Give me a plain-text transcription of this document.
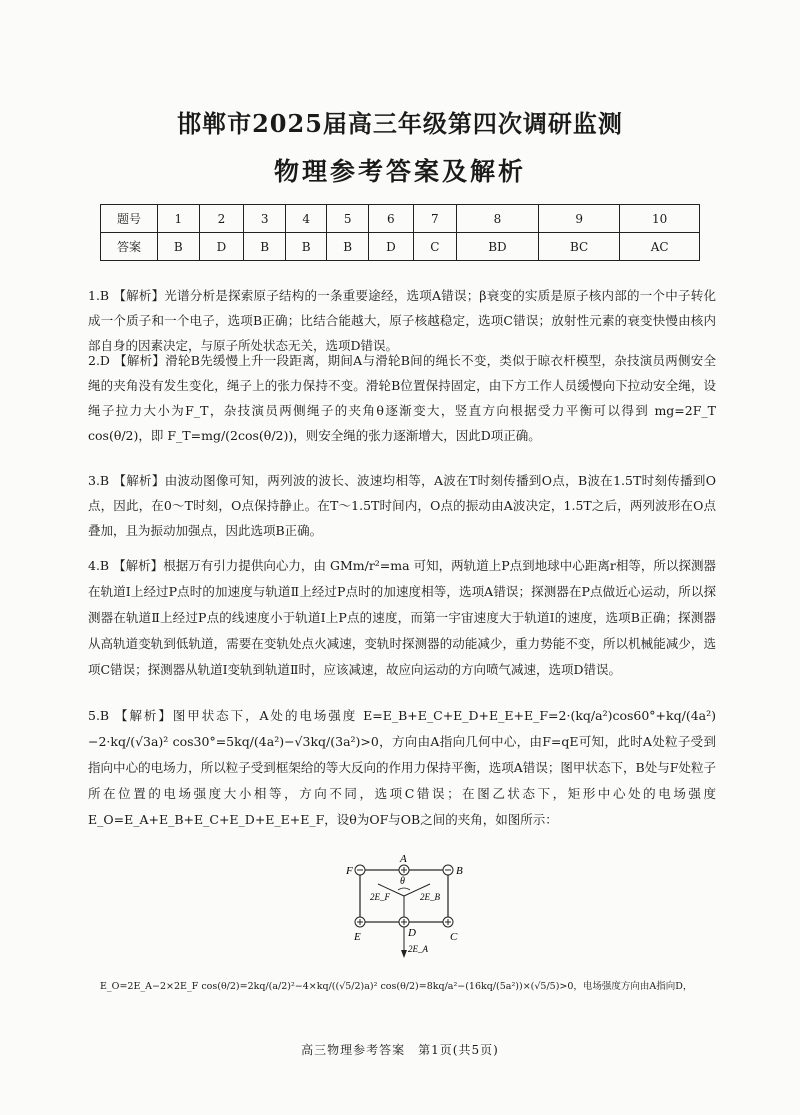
邯郸市2025届高三年级第四次调研监测
物理参考答案及解析
题号	1	2	3	4	5	6	7	8	9	10
答案	B	D	B	B	B	D	C	BD	BC	AC
1.B 【解析】光谱分析是探索原子结构的一条重要途经，选项A错误；β衰变的实质是原子核内部的一个中子转化成一个质子和一个电子，选项B正确；比结合能越大，原子核越稳定，选项C错误；放射性元素的衰变快慢由核内部自身的因素决定，与原子所处状态无关，选项D错误。
2.D 【解析】滑轮B先缓慢上升一段距离，期间A与滑轮B间的绳长不变，类似于晾衣杆模型，杂技演员两侧安全绳的夹角没有发生变化，绳子上的张力保持不变。滑轮B位置保持固定，由下方工作人员缓慢向下拉动安全绳，设绳子拉力大小为F_T，杂技演员两侧绳子的夹角θ逐渐变大，竖直方向根据受力平衡可以得到 mg=2F_T cos(θ/2)，即 F_T=mg/(2cos(θ/2))，则安全绳的张力逐渐增大，因此D项正确。
3.B 【解析】由波动图像可知，两列波的波长、波速均相等，A波在T时刻传播到O点，B波在1.5T时刻传播到O点，因此，在0～T时刻，O点保持静止。在T～1.5T时间内，O点的振动由A波决定，1.5T之后，两列波形在O点叠加，且为振动加强点，因此选项B正确。
4.B 【解析】根据万有引力提供向心力，由 GMm/r²=ma 可知，两轨道上P点到地球中心距离r相等，所以探测器在轨道Ⅰ上经过P点时的加速度与轨道Ⅱ上经过P点时的加速度相等，选项A错误；探测器在P点做近心运动，所以探测器在轨道Ⅱ上经过P点的线速度小于轨道Ⅰ上P点的速度，而第一宇宙速度大于轨道Ⅰ的速度，选项B正确；探测器从高轨道变轨到低轨道，需要在变轨处点火减速，变轨时探测器的动能减少，重力势能不变，所以机械能减少，选项C错误；探测器从轨道Ⅰ变轨到轨道Ⅱ时，应该减速，故应向运动的方向喷气减速，选项D错误。
5.B 【解析】图甲状态下，A处的电场强度 E=E_B+E_C+E_D+E_E+E_F=2·(kq/a²)cos60°+kq/(4a²)−2·kq/(√3a)² cos30°=5kq/(4a²)−√3kq/(3a²)>0，方向由A指向几何中心，由F=qE可知，此时A处粒子受到指向中心的电场力，所以粒子受到框架给的等大反向的作用力保持平衡，选项A错误；图甲状态下，B处与F处粒子所在位置的电场强度大小相等，方向不同，选项C错误；在图乙状态下，矩形中心处的电场强度 E_O=E_A+E_B+E_C+E_D+E_E+E_F，设θ为OF与OB之间的夹角，如图所示：
A
F	B
E	D	C
2E_F	2E_B
2E_A
θ
E_O=2E_A−2×2E_F cos(θ/2)=2kq/(a/2)²−4×kq/((√5/2)a)² cos(θ/2)=8kq/a²−(16kq/(5a²))×(√5/5)>0，电场强度方向由A指向D，
高三物理参考答案　第1页(共5页)
